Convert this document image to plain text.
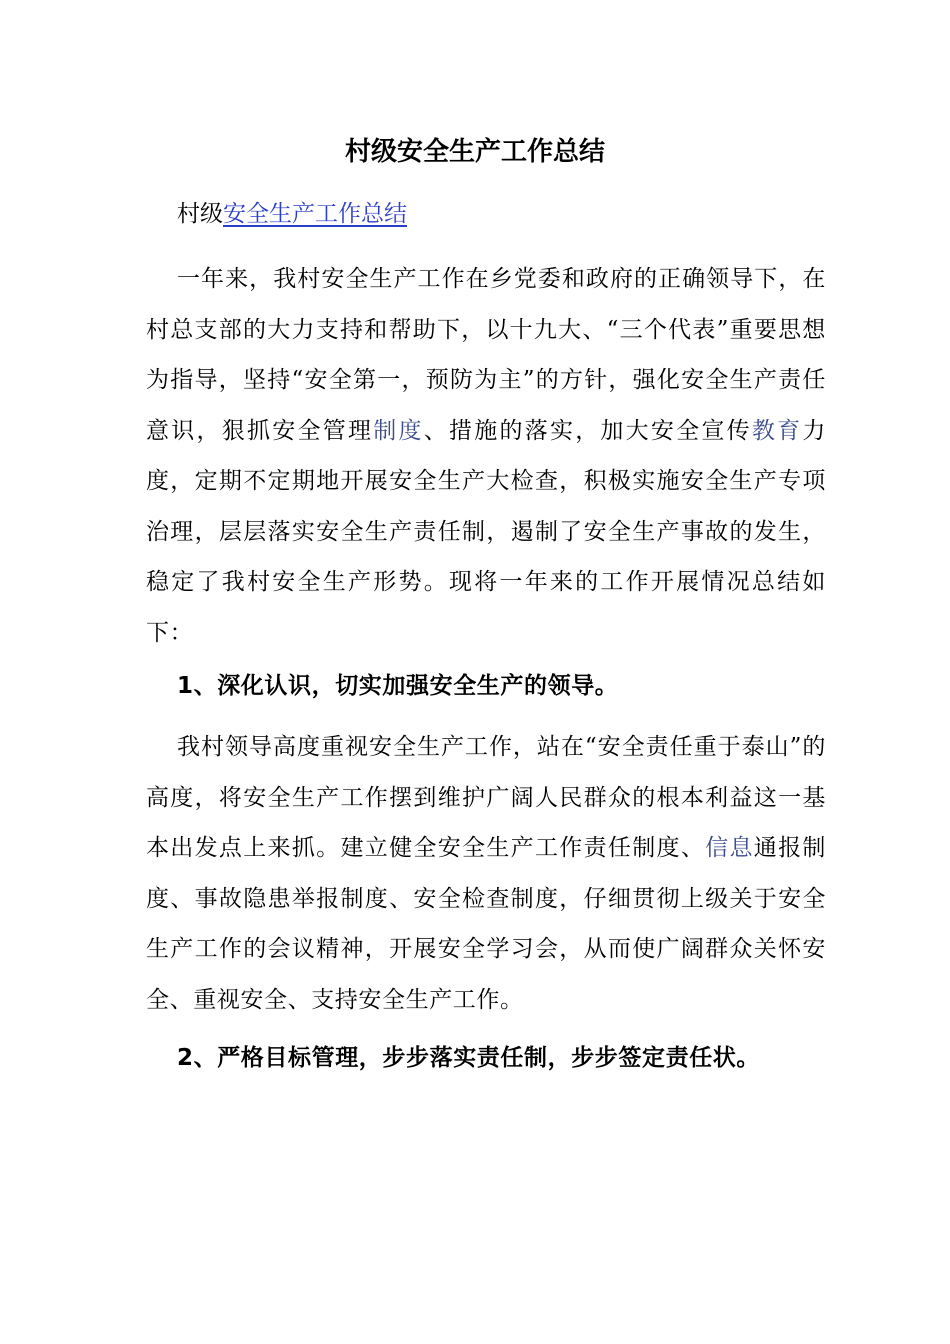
村级安全生产工作总结

村级安全生产工作总结

一年来，我村安全生产工作在乡党委和政府的正确领导下，在村总支部的大力支持和帮助下，以十九大、“三个代表”重要思想为指导，坚持“安全第一，预防为主”的方针，强化安全生产责任意识，狠抓安全管理制度、措施的落实，加大安全宣传教育力度，定期不定期地开展安全生产大检查，积极实施安全生产专项治理，层层落实安全生产责任制，遏制了安全生产事故的发生，稳定了我村安全生产形势。现将一年来的工作开展情况总结如下：

1、深化认识，切实加强安全生产的领导。

我村领导高度重视安全生产工作，站在“安全责任重于泰山”的高度，将安全生产工作摆到维护广阔人民群众的根本利益这一基本出发点上来抓。建立健全安全生产工作责任制度、信息通报制度、事故隐患举报制度、安全检查制度，仔细贯彻上级关于安全生产工作的会议精神，开展安全学习会，从而使广阔群众关怀安全、重视安全、支持安全生产工作。

2、严格目标管理，步步落实责任制，步步签定责任状。
